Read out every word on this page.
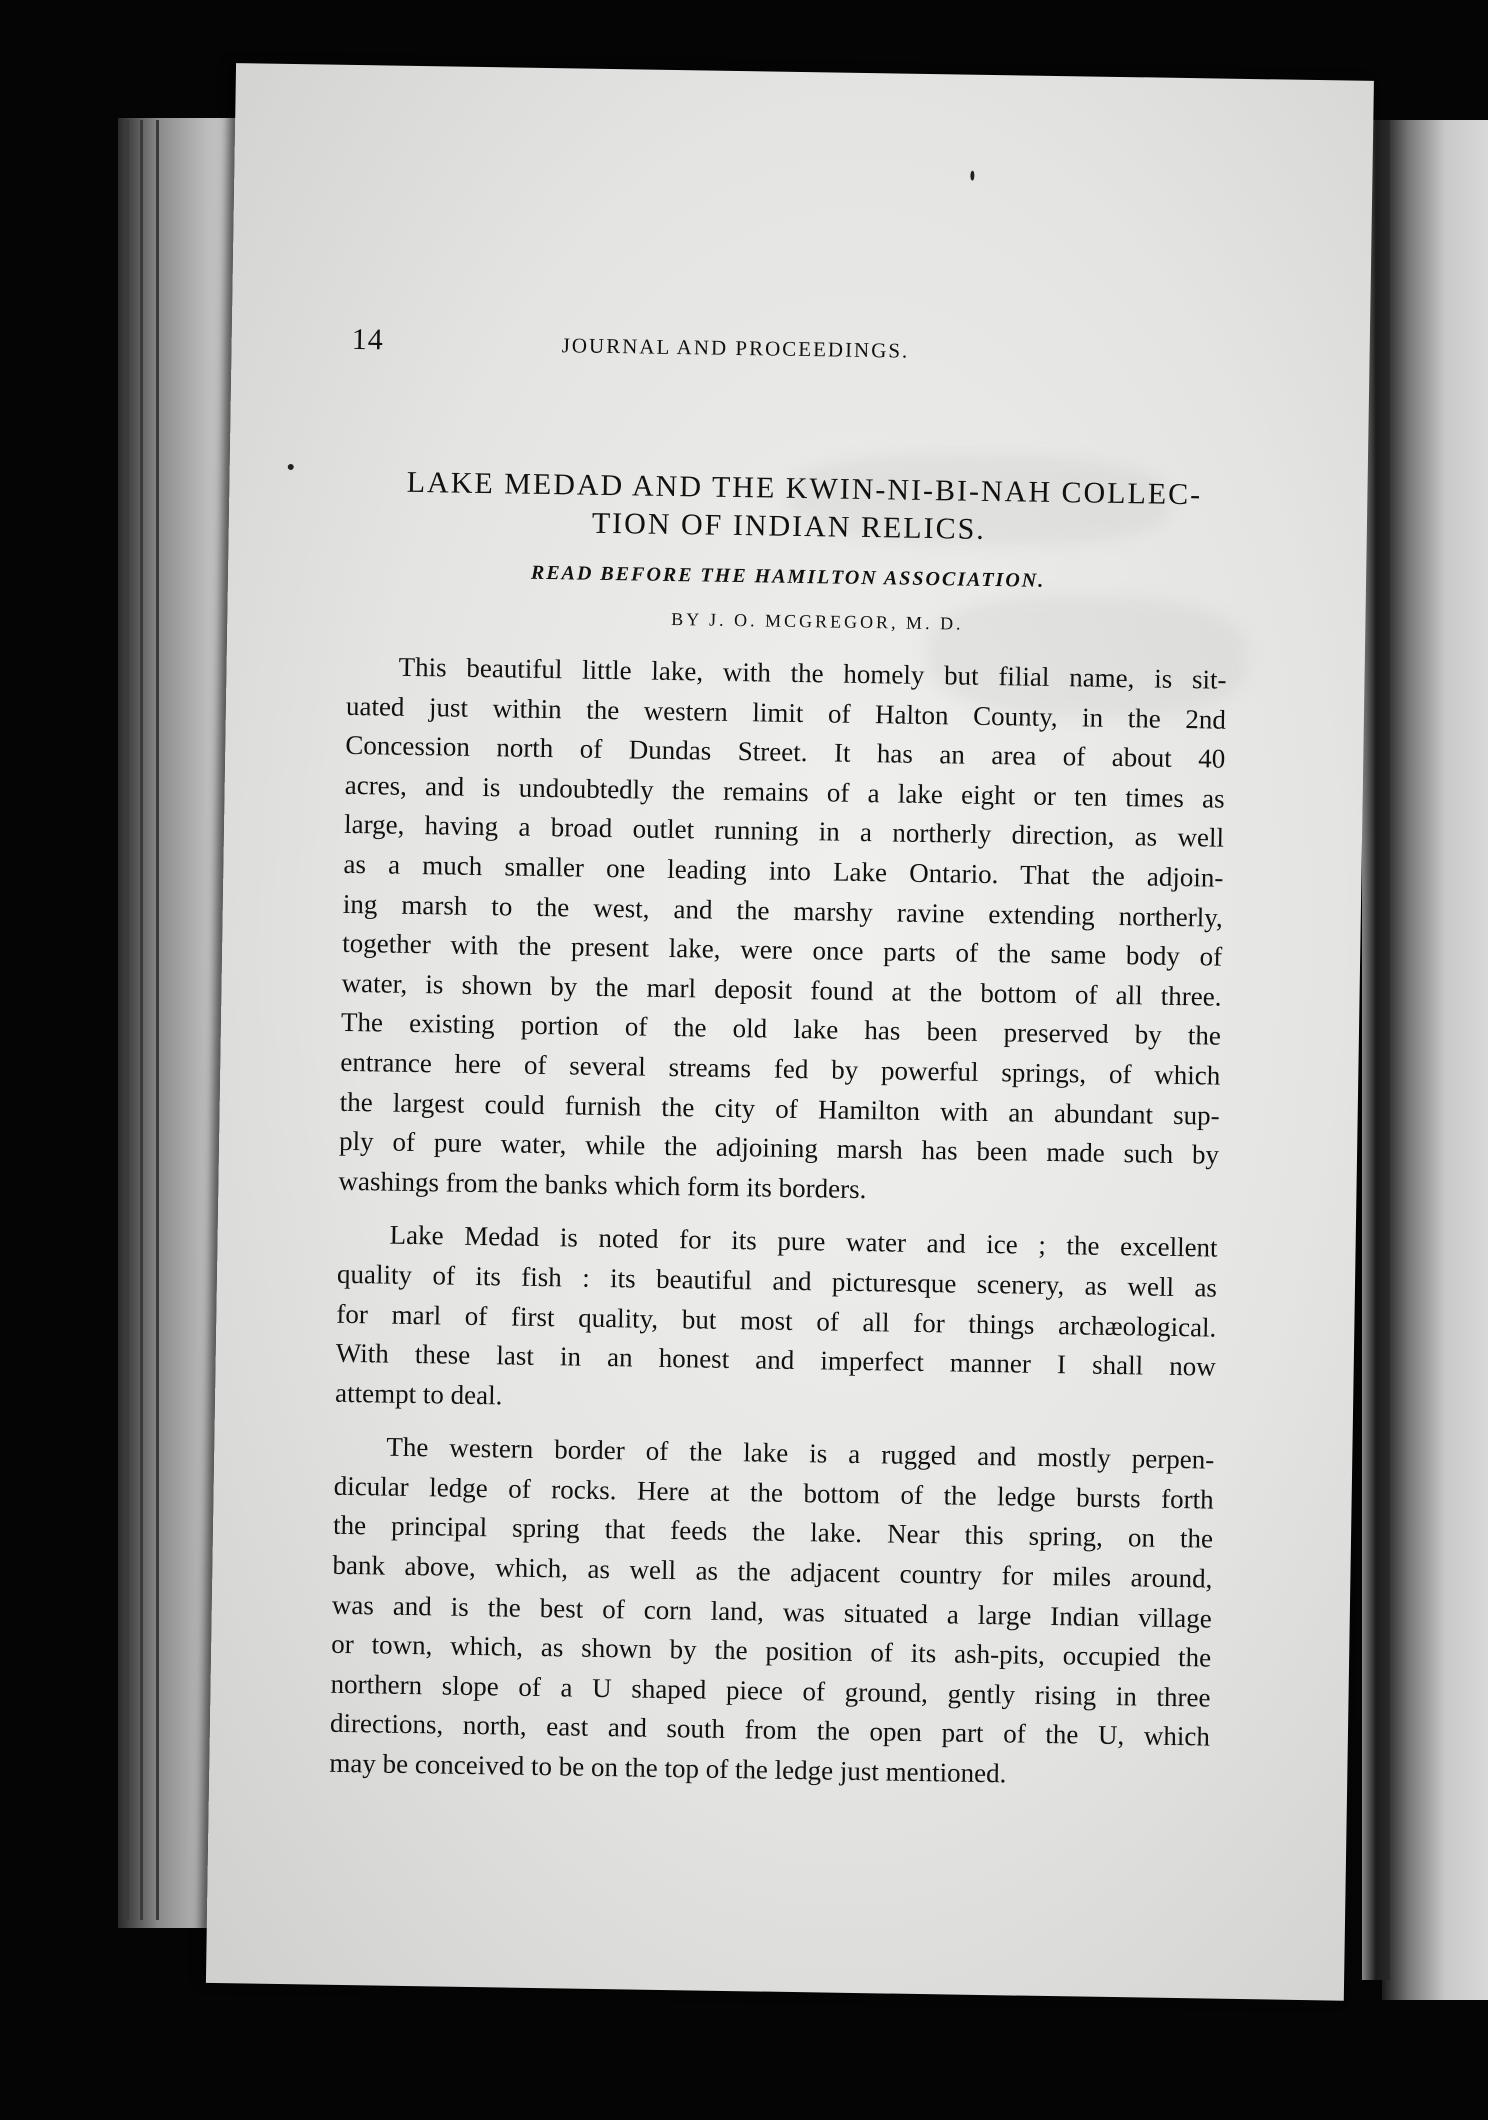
14	JOURNAL AND PROCEEDINGS.
LAKE MEDAD AND THE KWIN-NI-BI-NAH COLLEC-
TION OF INDIAN RELICS.
READ BEFORE THE HAMILTON ASSOCIATION.
BY J. O. MCGREGOR, M. D.
This beautiful little lake, with the homely but filial name, is sit-
uated just within the western limit of Halton County, in the 2nd
Concession north of Dundas Street. It has an area of about 40
acres, and is undoubtedly the remains of a lake eight or ten times as
large, having a broad outlet running in a northerly direction, as well
as a much smaller one leading into Lake Ontario. That the adjoin-
ing marsh to the west, and the marshy ravine extending northerly,
together with the present lake, were once parts of the same body of
water, is shown by the marl deposit found at the bottom of all three.
The existing portion of the old lake has been preserved by the
entrance here of several streams fed by powerful springs, of which
the largest could furnish the city of Hamilton with an abundant sup-
ply of pure water, while the adjoining marsh has been made such by
washings from the banks which form its borders.
Lake Medad is noted for its pure water and ice ; the excellent
quality of its fish : its beautiful and picturesque scenery, as well as
for marl of first quality, but most of all for things archæological.
With these last in an honest and imperfect manner I shall now
attempt to deal.
The western border of the lake is a rugged and mostly perpen-
dicular ledge of rocks. Here at the bottom of the ledge bursts forth
the principal spring that feeds the lake. Near this spring, on the
bank above, which, as well as the adjacent country for miles around,
was and is the best of corn land, was situated a large Indian village
or town, which, as shown by the position of its ash-pits, occupied the
northern slope of a U shaped piece of ground, gently rising in three
directions, north, east and south from the open part of the U, which
may be conceived to be on the top of the ledge just mentioned.
